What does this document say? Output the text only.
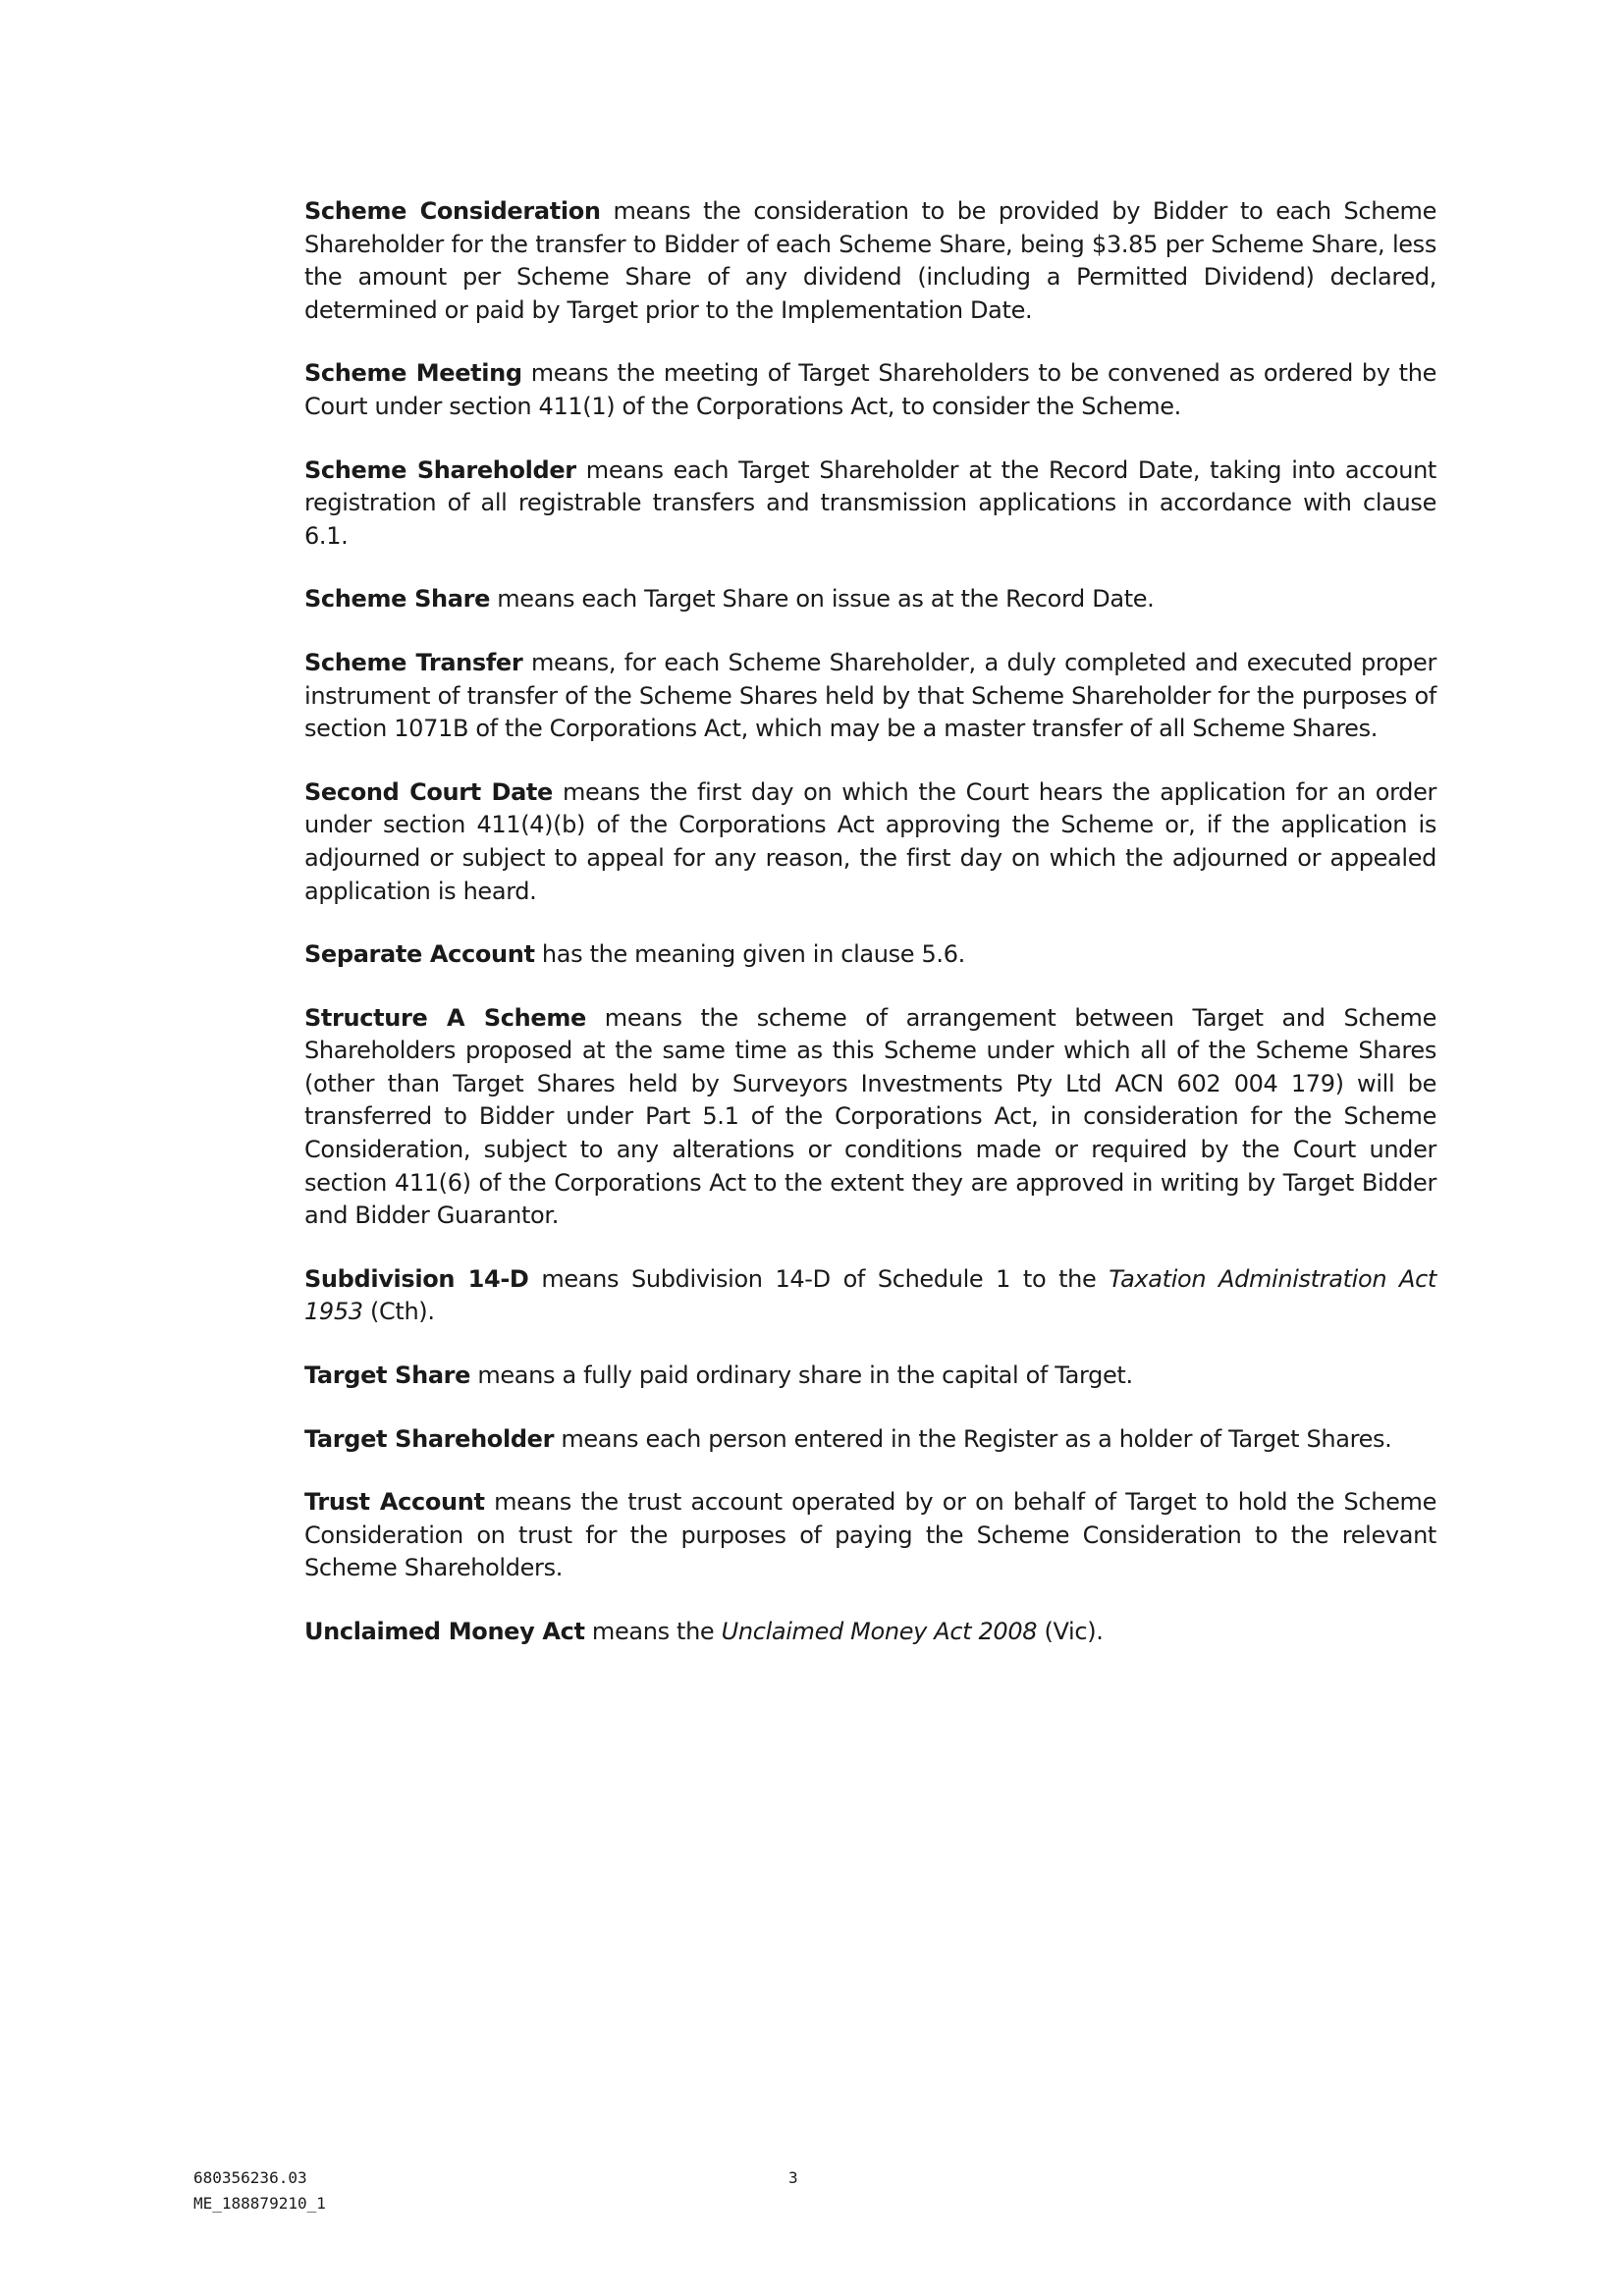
Scheme Consideration means the consideration to be provided by Bidder to each Scheme Shareholder for the transfer to Bidder of each Scheme Share, being $3.85 per Scheme Share, less the amount per Scheme Share of any dividend (including a Permitted Dividend) declared, determined or paid by Target prior to the Implementation Date.

Scheme Meeting means the meeting of Target Shareholders to be convened as ordered by the Court under section 411(1) of the Corporations Act, to consider the Scheme.

Scheme Shareholder means each Target Shareholder at the Record Date, taking into account registration of all registrable transfers and transmission applications in accordance with clause 6.1.

Scheme Share means each Target Share on issue as at the Record Date.

Scheme Transfer means, for each Scheme Shareholder, a duly completed and executed proper instrument of transfer of the Scheme Shares held by that Scheme Shareholder for the purposes of section 1071B of the Corporations Act, which may be a master transfer of all Scheme Shares.

Second Court Date means the first day on which the Court hears the application for an order under section 411(4)(b) of the Corporations Act approving the Scheme or, if the application is adjourned or subject to appeal for any reason, the first day on which the adjourned or appealed application is heard.

Separate Account has the meaning given in clause 5.6.

Structure A Scheme means the scheme of arrangement between Target and Scheme Shareholders proposed at the same time as this Scheme under which all of the Scheme Shares (other than Target Shares held by Surveyors Investments Pty Ltd ACN 602 004 179) will be transferred to Bidder under Part 5.1 of the Corporations Act, in consideration for the Scheme Consideration, subject to any alterations or conditions made or required by the Court under section 411(6) of the Corporations Act to the extent they are approved in writing by Target Bidder and Bidder Guarantor.

Subdivision 14-D means Subdivision 14-D of Schedule 1 to the Taxation Administration Act 1953 (Cth).

Target Share means a fully paid ordinary share in the capital of Target.

Target Shareholder means each person entered in the Register as a holder of Target Shares.

Trust Account means the trust account operated by or on behalf of Target to hold the Scheme Consideration on trust for the purposes of paying the Scheme Consideration to the relevant Scheme Shareholders.

Unclaimed Money Act means the Unclaimed Money Act 2008 (Vic).

680356236.03
ME_188879210_1
3
